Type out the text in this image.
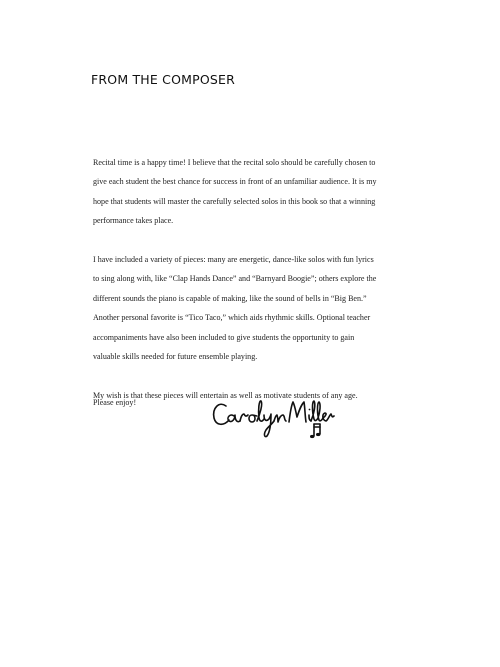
FROM THE COMPOSER

Recital time is a happy time! I believe that the recital solo should be carefully chosen to
give each student the best chance for success in front of an unfamiliar audience. It is my
hope that students will master the carefully selected solos in this book so that a winning
performance takes place.

I have included a variety of pieces: many are energetic, dance-like solos with fun lyrics
to sing along with, like “Clap Hands Dance” and “Barnyard Boogie”; others explore the
different sounds the piano is capable of making, like the sound of bells in “Big Ben.”
Another personal favorite is “Tico Taco,” which aids rhythmic skills. Optional teacher
accompaniments have also been included to give students the opportunity to gain
valuable skills needed for future ensemble playing.

My wish is that these pieces will entertain as well as motivate students of any age.

Please enjoy!
